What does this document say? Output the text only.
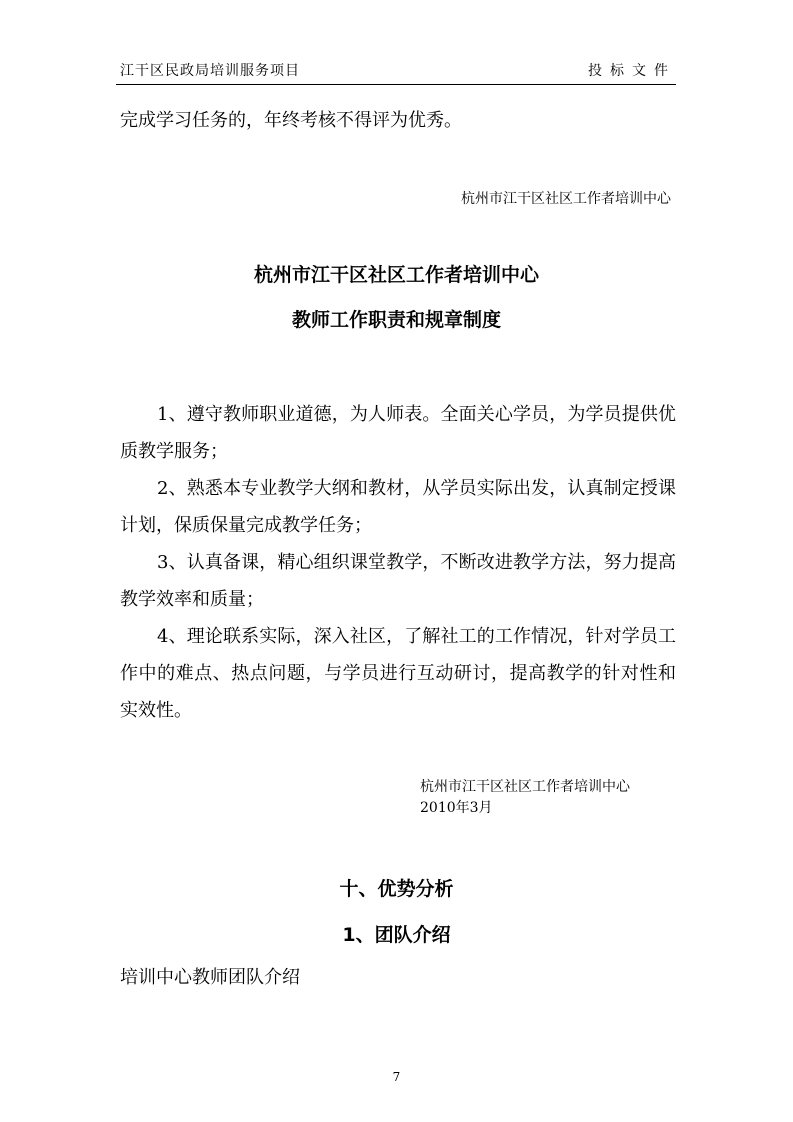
江干区民政局培训服务项目	投标文件
完成学习任务的，年终考核不得评为优秀。
杭州市江干区社区工作者培训中心
杭州市江干区社区工作者培训中心
教师工作职责和规章制度

1、遵守教师职业道德，为人师表。全面关心学员，为学员提供优质教学服务；

2、熟悉本专业教学大纲和教材，从学员实际出发，认真制定授课计划，保质保量完成教学任务；

3、认真备课，精心组织课堂教学，不断改进教学方法，努力提高教学效率和质量；

4、理论联系实际，深入社区，了解社工的工作情况，针对学员工作中的难点、热点问题，与学员进行互动研讨，提高教学的针对性和实效性。

杭州市江干区社区工作者培训中心
2010年3月
十、优势分析
1、团队介绍
培训中心教师团队介绍
7
